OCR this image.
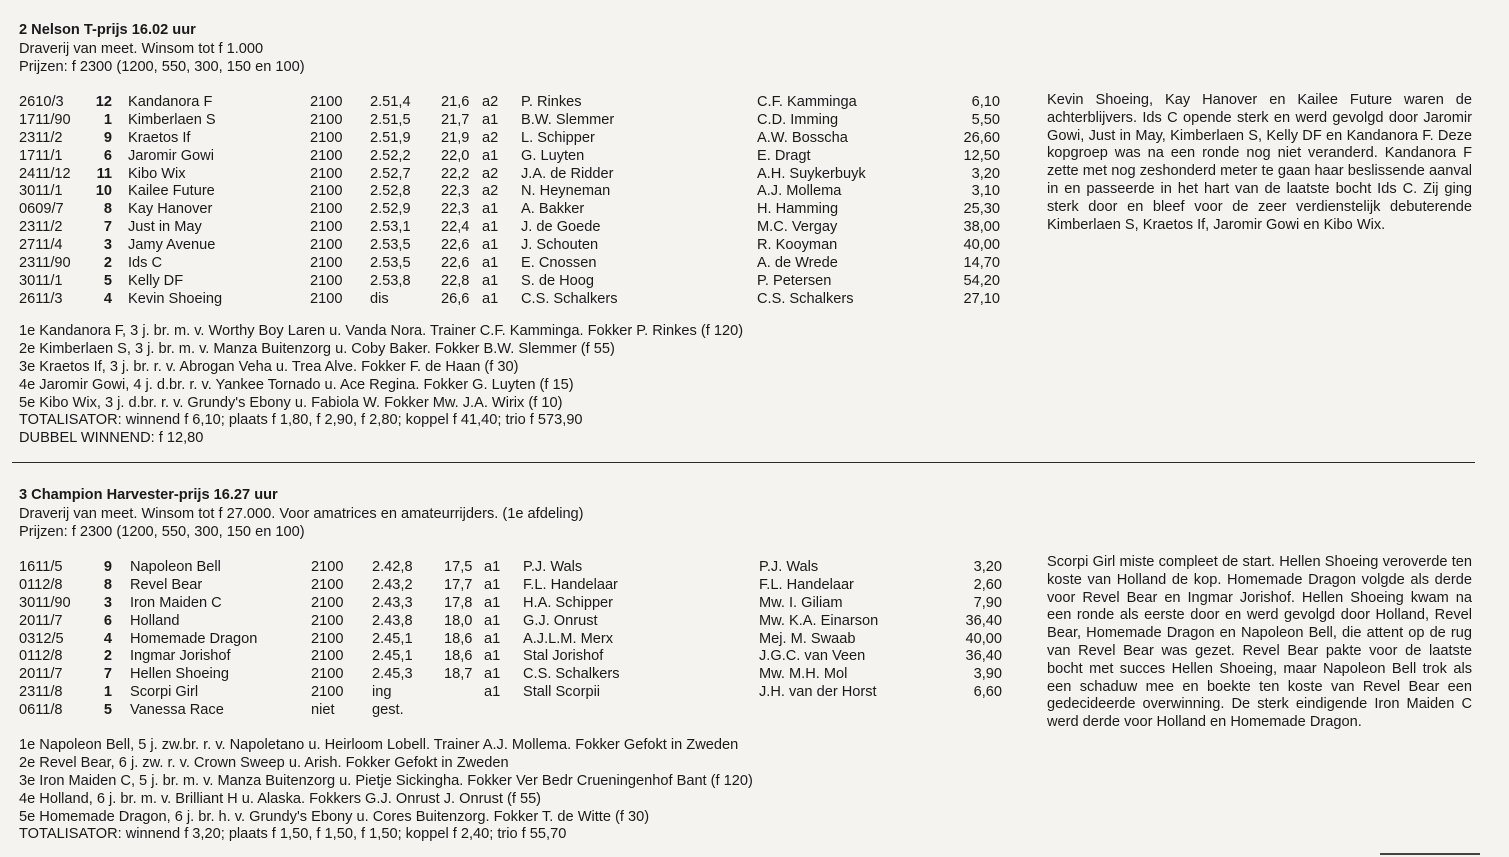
2 Nelson T-prijs 16.02 uur
Draverij van meet. Winsom tot f 1.000
Prijzen: f 2300 (1200, 550, 300, 150 en 100)
2610/3	12 Kandanora F	2100 2.51,4 21,6 a2 P. Rinkes	C.F. Kamminga	6,10
1711/90	1 Kimberlaen S	2100 2.51,5 21,7 a1 B.W. Slemmer	C.D. Imming	5,50
2311/2	9 Kraetos If	2100 2.51,9 21,9 a2 L. Schipper	A.W. Bosscha	26,60
1711/1	6 Jaromir Gowi	2100 2.52,2 22,0 a1 G. Luyten	E. Dragt	12,50
2411/12	11 Kibo Wix	2100 2.52,7 22,2 a2 J.A. de Ridder	A.H. Suykerbuyk	3,20
3011/1	10 Kailee Future	2100 2.52,8 22,3 a2 N. Heyneman	A.J. Mollema	3,10
0609/7	8 Kay Hanover	2100 2.52,9 22,3 a1 A. Bakker	H. Hamming	25,30
2311/2	7 Just in May	2100 2.53,1 22,4 a1 J. de Goede	M.C. Vergay	38,00
2711/4	3 Jamy Avenue	2100 2.53,5 22,6 a1 J. Schouten	R. Kooyman	40,00
2311/90	2 Ids C	2100 2.53,5 22,6 a1 E. Cnossen	A. de Wrede	14,70
3011/1	5 Kelly DF	2100 2.53,8 22,8 a1 S. de Hoog	P. Petersen	54,20
2611/3	4 Kevin Shoeing	2100 dis	26,6 a1 C.S. Schalkers	C.S. Schalkers	27,10
Kevin Shoeing, Kay Hanover en Kailee Future waren de achterblijvers. Ids C opende sterk en werd gevolgd door Jaromir Gowi, Just in May, Kimberlaen S, Kelly DF en Kandanora F. Deze kopgroep was na een ronde nog niet veranderd. Kandanora F zette met nog zeshonderd meter te gaan haar beslissende aanval in en passeerde in het hart van de laatste bocht Ids C. Zij ging sterk door en bleef voor de zeer verdienstelijk debuterende Kimberlaen S, Kraetos If, Jaromir Gowi en Kibo Wix.
1e Kandanora F, 3 j. br. m. v. Worthy Boy Laren u. Vanda Nora. Trainer C.F. Kamminga. Fokker P. Rinkes (f 120)
2e Kimberlaen S, 3 j. br. m. v. Manza Buitenzorg u. Coby Baker. Fokker B.W. Slemmer (f 55)
3e Kraetos If, 3 j. br. r. v. Abrogan Veha u. Trea Alve. Fokker F. de Haan (f 30)
4e Jaromir Gowi, 4 j. d.br. r. v. Yankee Tornado u. Ace Regina. Fokker G. Luyten (f 15)
5e Kibo Wix, 3 j. d.br. r. v. Grundy's Ebony u. Fabiola W. Fokker Mw. J.A. Wirix (f 10)
TOTALISATOR: winnend f 6,10; plaats f 1,80, f 2,90, f 2,80; koppel f 41,40; trio f 573,90
DUBBEL WINNEND: f 12,80
3 Champion Harvester-prijs 16.27 uur
Draverij van meet. Winsom tot f 27.000. Voor amatrices en amateurrijders. (1e afdeling)
Prijzen: f 2300 (1200, 550, 300, 150 en 100)
1611/5	9 Napoleon Bell	2100 2.42,8 17,5 a1 P.J. Wals	P.J. Wals	3,20
0112/8	8 Revel Bear	2100 2.43,2 17,7 a1 F.L. Handelaar	F.L. Handelaar	2,60
3011/90	3 Iron Maiden C	2100 2.43,3 17,8 a1 H.A. Schipper	Mw. I. Giliam	7,90
2011/7	6 Holland	2100 2.43,8 18,0 a1 G.J. Onrust	Mw. K.A. Einarson	36,40
0312/5	4 Homemade Dragon	2100 2.45,1 18,6 a1 A.J.L.M. Merx	Mej. M. Swaab	40,00
0112/8	2 Ingmar Jorishof	2100 2.45,1 18,6 a1 Stal Jorishof	J.G.C. van Veen	36,40
2011/7	7 Hellen Shoeing	2100 2.45,3 18,7 a1 C.S. Schalkers	Mw. M.H. Mol	3,90
2311/8	1 Scorpi Girl	2100 ing	a1 Stall Scorpii	J.H. van der Horst	6,60
0611/8	5 Vanessa Race	niet	gest.
Scorpi Girl miste compleet de start. Hellen Shoeing veroverde ten koste van Holland de kop. Homemade Dragon volgde als derde voor Revel Bear en Ingmar Jorishof. Hellen Shoeing kwam na een ronde als eerste door en werd gevolgd door Holland, Revel Bear, Homemade Dragon en Napoleon Bell, die attent op de rug van Revel Bear was gezet. Revel Bear pakte voor de laatste bocht met succes Hellen Shoeing, maar Napoleon Bell trok als een schaduw mee en boekte ten koste van Revel Bear een gedecideerde overwinning. De sterk eindigende Iron Maiden C werd derde voor Holland en Homemade Dragon.
1e Napoleon Bell, 5 j. zw.br. r. v. Napoletano u. Heirloom Lobell. Trainer A.J. Mollema. Fokker Gefokt in Zweden
2e Revel Bear, 6 j. zw. r. v. Crown Sweep u. Arish. Fokker Gefokt in Zweden
3e Iron Maiden C, 5 j. br. m. v. Manza Buitenzorg u. Pietje Sickingha. Fokker Ver Bedr Crueningenhof Bant (f 120)
4e Holland, 6 j. br. m. v. Brilliant H u. Alaska. Fokkers G.J. Onrust J. Onrust (f 55)
5e Homemade Dragon, 6 j. br. h. v. Grundy's Ebony u. Cores Buitenzorg. Fokker T. de Witte (f 30)
TOTALISATOR: winnend f 3,20; plaats f 1,50, f 1,50, f 1,50; koppel f 2,40; trio f 55,70
